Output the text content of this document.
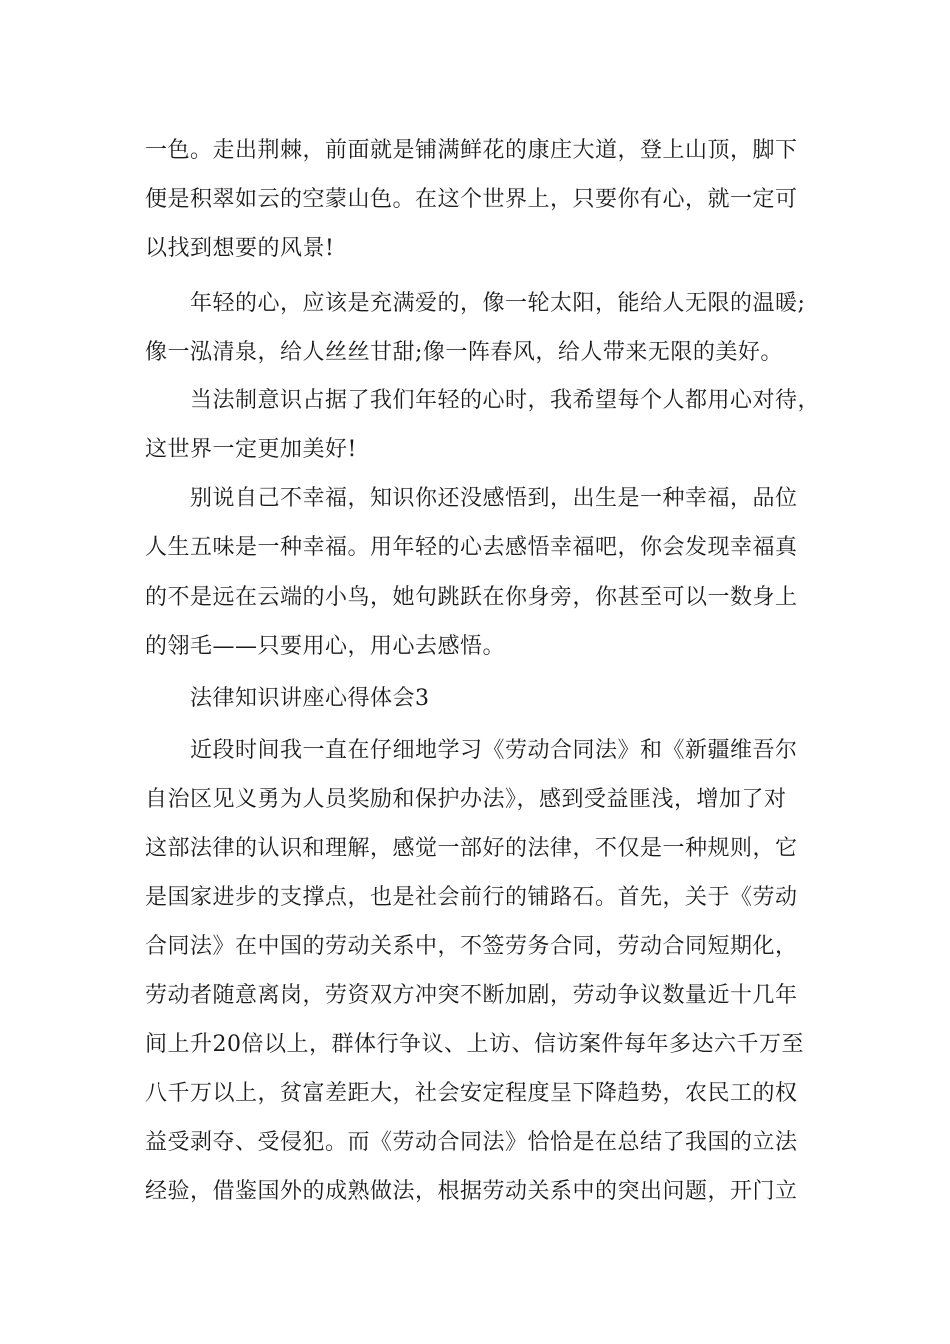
一色。走出荆棘，前面就是铺满鲜花的康庄大道，登上山顶，脚下
便是积翠如云的空蒙山色。在这个世界上，只要你有心，就一定可
以找到想要的风景!
年轻的心，应该是充满爱的，像一轮太阳，能给人无限的温暖;
像一泓清泉，给人丝丝甘甜;像一阵春风，给人带来无限的美好。
当法制意识占据了我们年轻的心时，我希望每个人都用心对待，
这世界一定更加美好!
别说自己不幸福，知识你还没感悟到，出生是一种幸福，品位
人生五味是一种幸福。用年轻的心去感悟幸福吧，你会发现幸福真
的不是远在云端的小鸟，她句跳跃在你身旁，你甚至可以一数身上
的翎毛——只要用心，用心去感悟。
法律知识讲座心得体会3
近段时间我一直在仔细地学习《劳动合同法》和《新疆维吾尔
自治区见义勇为人员奖励和保护办法》，感到受益匪浅，增加了对
这部法律的认识和理解，感觉一部好的法律，不仅是一种规则，它
是国家进步的支撑点，也是社会前行的铺路石。首先，关于《劳动
合同法》在中国的劳动关系中，不签劳务合同，劳动合同短期化，
劳动者随意离岗，劳资双方冲突不断加剧，劳动争议数量近十几年
间上升20倍以上，群体行争议、上访、信访案件每年多达六千万至
八千万以上，贫富差距大，社会安定程度呈下降趋势，农民工的权
益受剥夺、受侵犯。而《劳动合同法》恰恰是在总结了我国的立法
经验，借鉴国外的成熟做法，根据劳动关系中的突出问题，开门立
